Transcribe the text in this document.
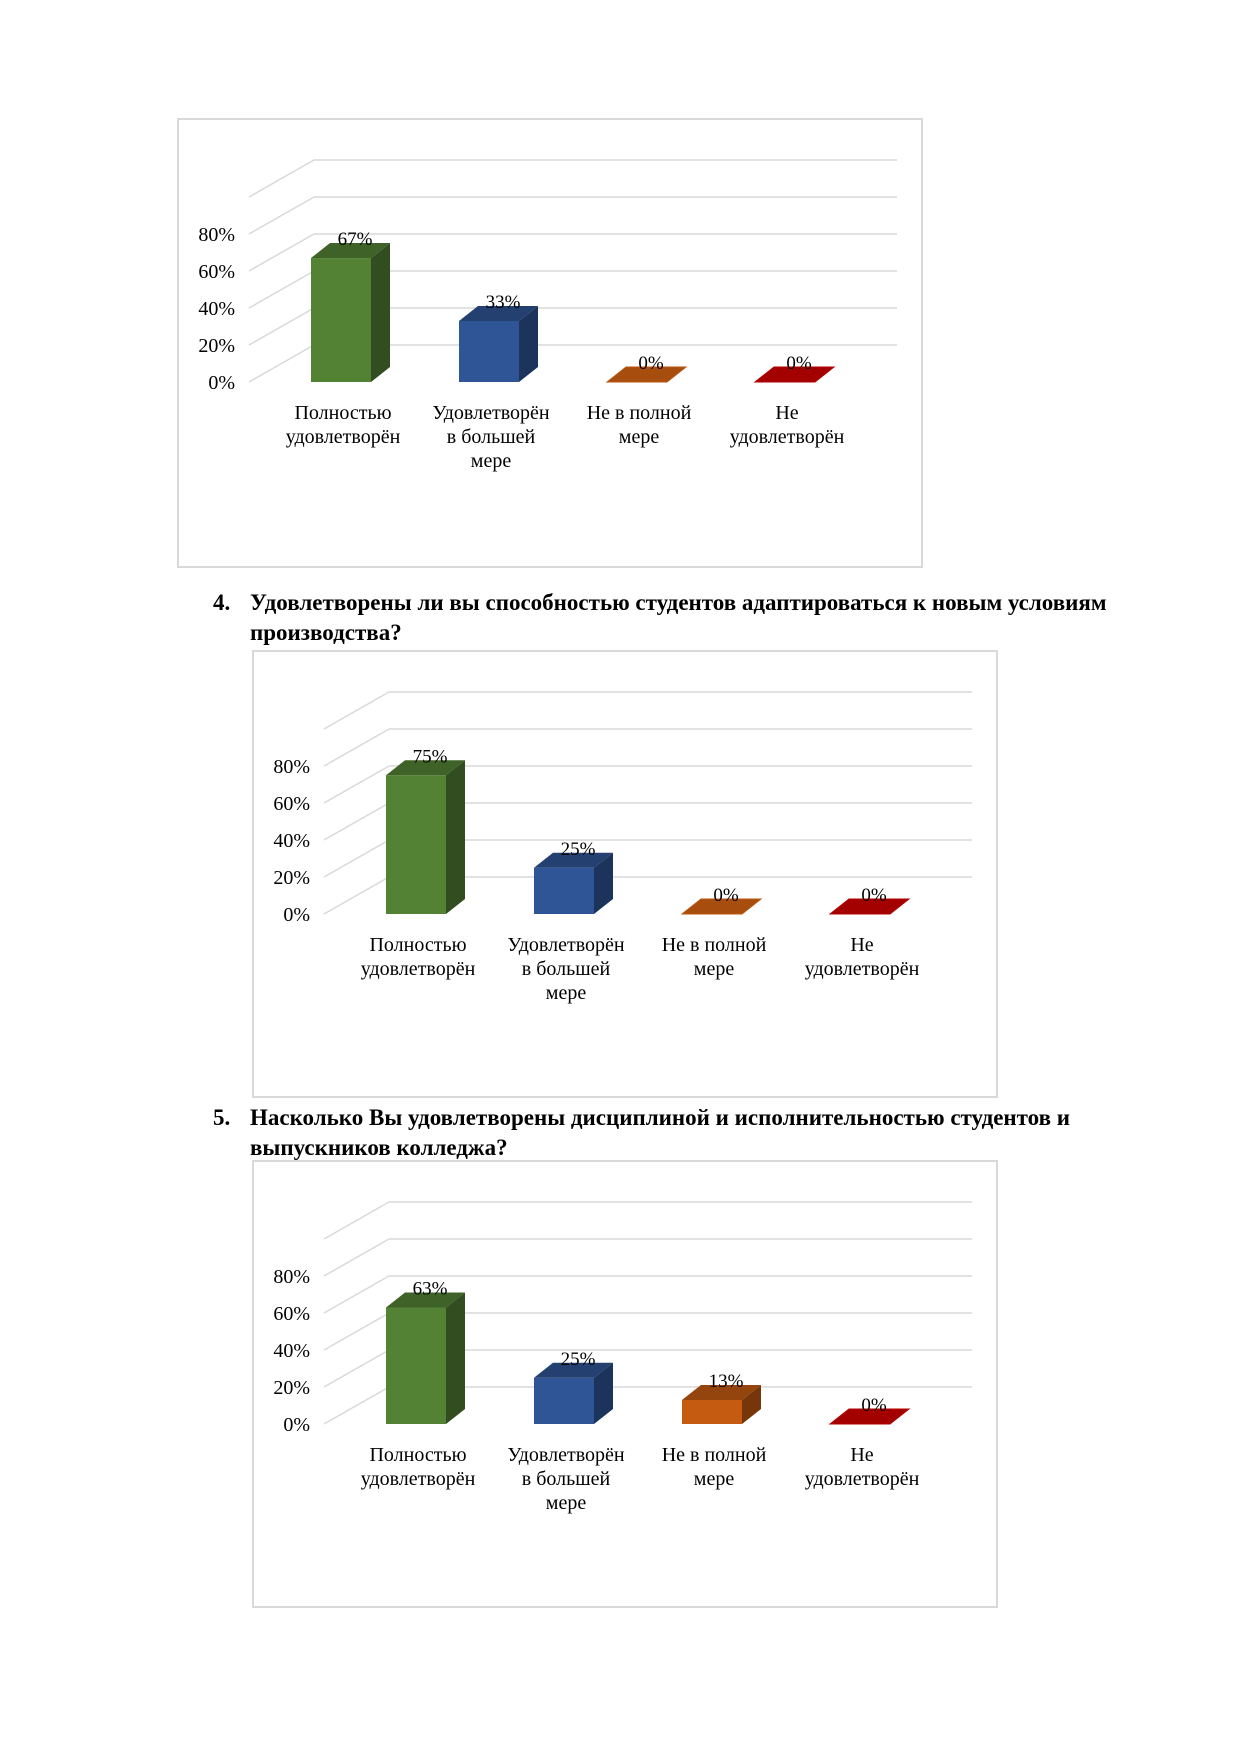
0%
20%
40%
60%
80%	67%
Полностью
удовлетворён
33%
Удовлетворён
в большей
мере
0%
Не в полной
мере
0%
Не
удовлетворён
4. Удовлетворены ли вы способностью студентов адаптироваться к новым условиям производства?
0%
20%
40%
60%
80%	75%
Полностью
удовлетворён
25%
Удовлетворён
в большей
мере
0%
Не в полной
мере
0%
Не
удовлетворён
5. Насколько Вы удовлетворены дисциплиной и исполнительностью студентов и выпускников колледжа?
0%
20%
40%
60%
80%
63%
Полностью
удовлетворён
25%
Удовлетворён
в большей
мере
13%
Не в полной
мере
0%
Не
удовлетворён
